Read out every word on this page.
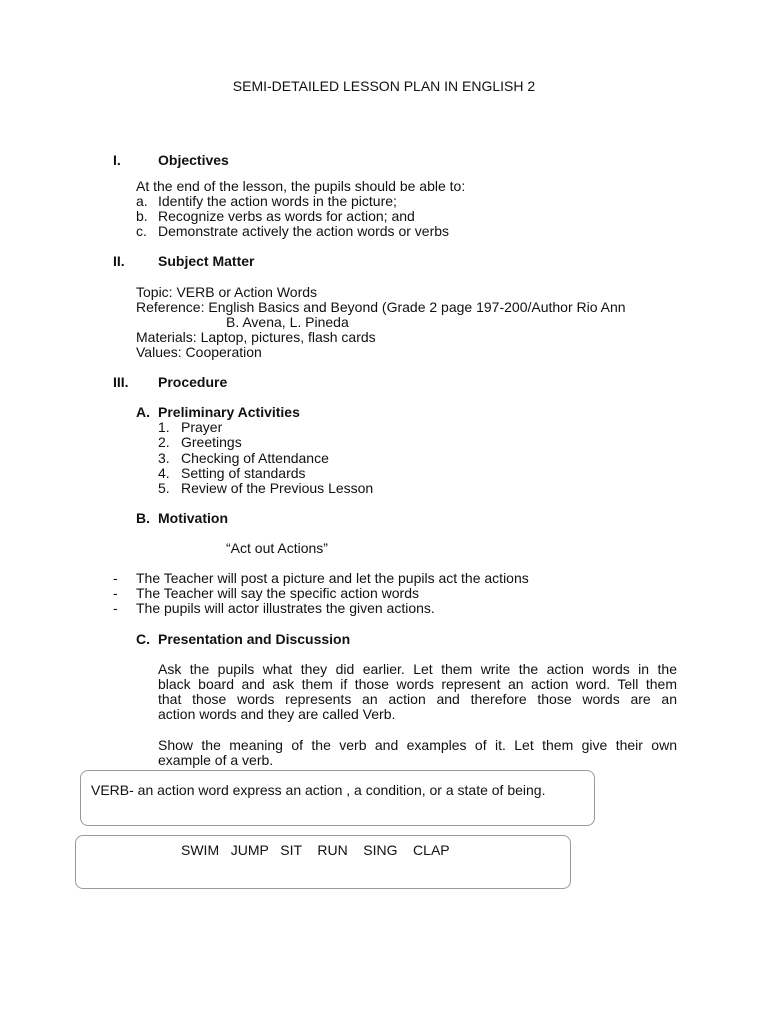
SEMI-DETAILED LESSON PLAN IN ENGLISH 2
I.	Objectives
At the end of the lesson, the pupils should be able to:
a. Identify the action words in the picture;
b. Recognize verbs as words for action; and
c. Demonstrate actively the action words or verbs
II. Subject Matter
Topic: VERB or Action Words
Reference: English Basics and Beyond (Grade 2 page 197-200/Author Rio Ann
B. Avena, L. Pineda
Materials: Laptop, pictures, flash cards
Values: Cooperation
III. Procedure
A. Preliminary Activities
1. Prayer
2. Greetings
3. Checking of Attendance
4. Setting of standards
5. Review of the Previous Lesson
B. Motivation
“Act out Actions”
- The Teacher will post a picture and let the pupils act the actions
- The Teacher will say the specific action words
- The pupils will actor illustrates the given actions.
C. Presentation and Discussion
Ask the pupils what they did earlier. Let them write the action words in the
black board and ask them if those words represent an action word. Tell them
that those words represents an action and therefore those words are an
action words and they are called Verb.
Show the meaning of the verb and examples of it. Let them give their own
example of a verb.
VERB- an action word express an action , a condition, or a state of being.
SWIM   JUMP   SIT    RUN    SING    CLAP
